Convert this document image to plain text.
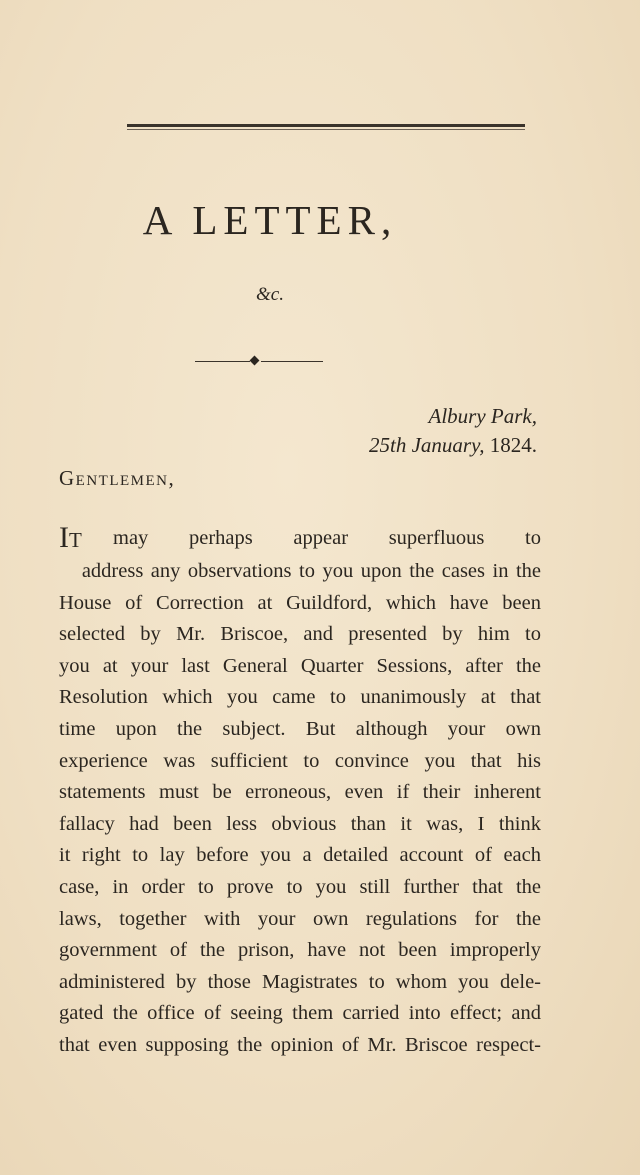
A LETTER,
&c.
Albury Park,
25th January, 1824.
Gentlemen,
IT may perhaps appear superfluous to
address any observations to you upon the cases in the
House of Correction at Guildford, which have been
selected by Mr. Briscoe, and presented by him to
you at your last General Quarter Sessions, after the
Resolution which you came to unanimously at that
time upon the subject. But although your own
experience was sufficient to convince you that his
statements must be erroneous, even if their inherent
fallacy had been less obvious than it was, I think
it right to lay before you a detailed account of each
case, in order to prove to you still further that the
laws, together with your own regulations for the
government of the prison, have not been improperly
administered by those Magistrates to whom you dele-
gated the office of seeing them carried into effect; and
that even supposing the opinion of Mr. Briscoe respect-
